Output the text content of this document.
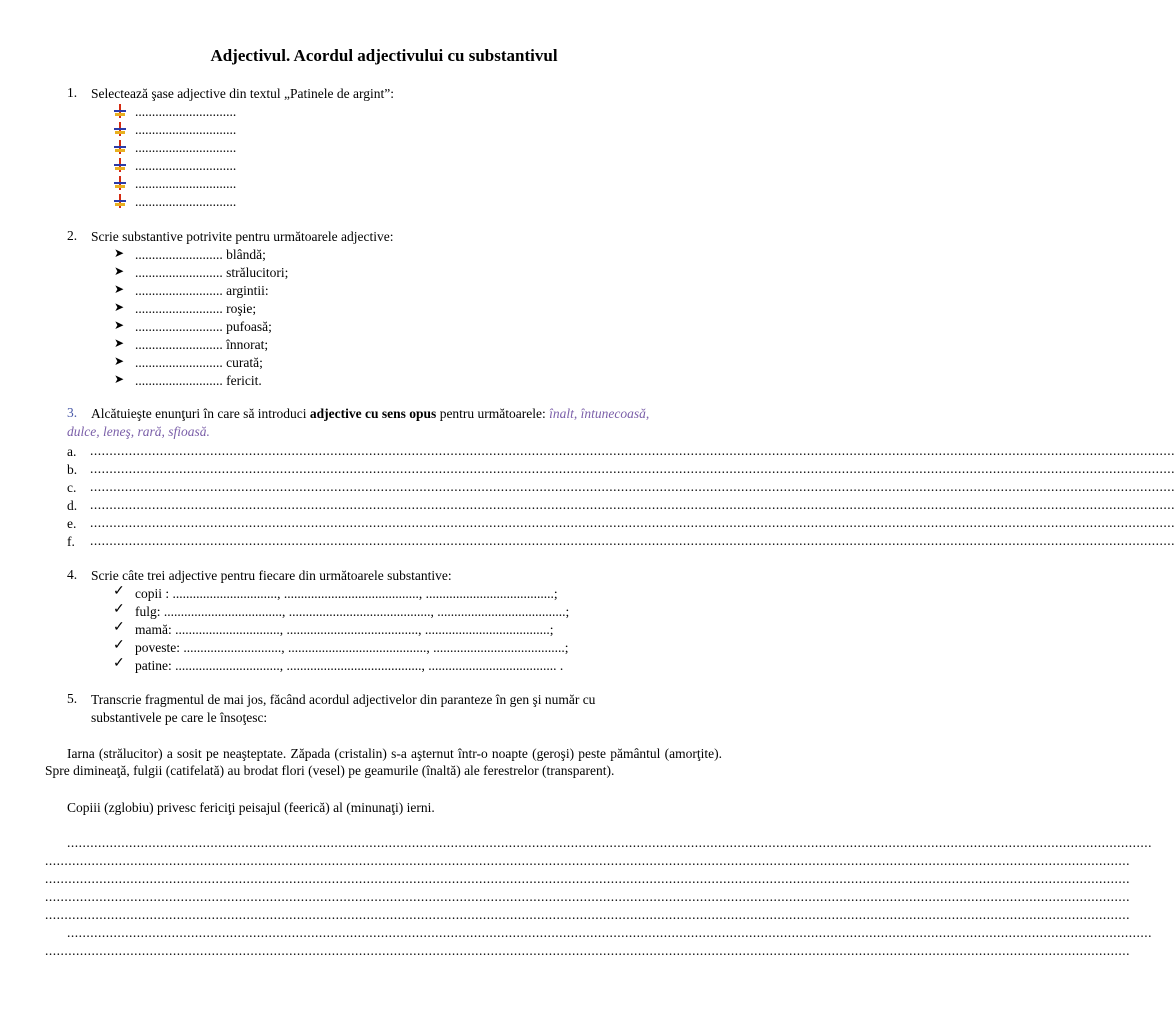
Adjectivul. Acordul adjectivului cu substantivul
1. Selectează şase adjective din textul „Patinele de argint”:
..............................
..............................
..............................
..............................
..............................
..............................
2. Scrie substantive potrivite pentru următoarele adjective:
➤ .......................... blândă;
➤ .......................... strălucitori;
➤ .......................... argintii:
➤ .......................... roşie;
➤ .......................... pufoasă;
➤ .......................... înnorat;
➤ .......................... curată;
➤ .......................... fericit.
3. Alcătuieşte enunţuri în care să introduci adjective cu sens opus pentru următoarele: înalt, întunecoasă,
dulce, leneş, rară, sfioasă.
a. ........................................................................................................................................................................................................................................................................................
b. ........................................................................................................................................................................................................................................................................................
c. ........................................................................................................................................................................................................................................................................................
d. ........................................................................................................................................................................................................................................................................................
e. ........................................................................................................................................................................................................................................................................................
f. ........................................................................................................................................................................................................................................................................................
4. Scrie câte trei adjective pentru fiecare din următoarele substantive:
✓ copii : ..............................., ........................................, ......................................;
✓ fulg: ..................................., .........................................., ......................................;
✓ mamă: ..............................., ......................................., .....................................;
✓ poveste: ............................., ........................................., .......................................;
✓ patine: ..............................., ........................................, ...................................... .
5. Transcrie fragmentul de mai jos, făcând acordul adjectivelor din paranteze în gen şi număr cu
substantivele pe care le însoţesc:
Iarna (strălucitor) a sosit pe neaşteptate. Zăpada (cristalin) s-a aşternut într-o noapte (geroşi) peste pământul (amorţite). Spre dimineaţă, fulgii (catifelată) au brodat flori (vesel) pe geamurile (înaltă) ale ferestrelor (transparent).
Copiii (zglobiu) privesc fericiţi peisajul (feerică) al (minunaţi) ierni.
........................................................................................................................................................................................................................................................................................
........................................................................................................................................................................................................................................................................................
........................................................................................................................................................................................................................................................................................
........................................................................................................................................................................................................................................................................................
........................................................................................................................................................................................................................................................................................
........................................................................................................................................................................................................................................................................................
........................................................................................................................................................................................................................................................................................
